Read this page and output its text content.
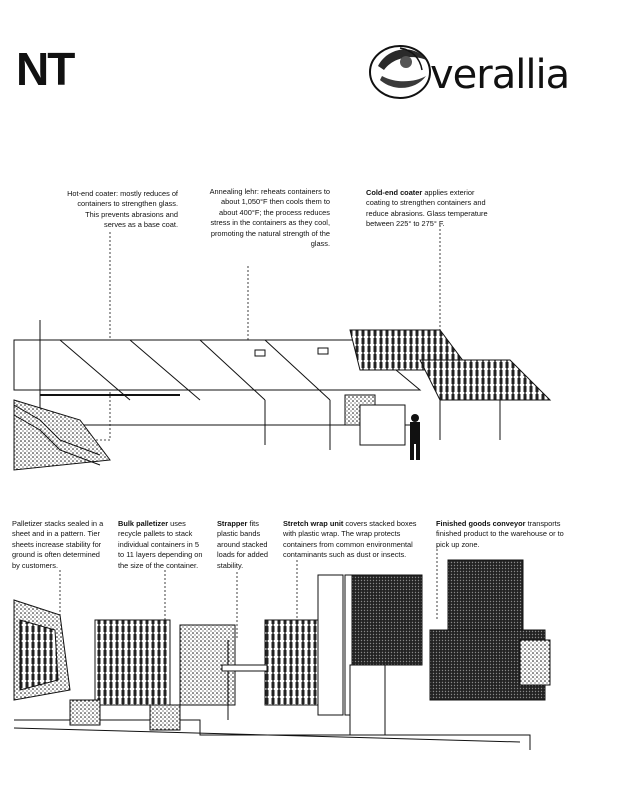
NT	verallia
Hot-end coater: mostly reduces of containers to strengthen glass. This prevents abrasions and serves as a base coat.
Annealing lehr: reheats containers to about 1,050°F then cools them to about 400°F; the process reduces stress in the containers as they cool, promoting the natural strength of the glass.
Cold-end coater applies exterior coating to strengthen containers and reduce abrasions. Glass temperature between 225° to 275° F.
Palletizer stacks sealed in a sheet and in a pattern. Tier sheets increase stability for ground is often determined by customers.
Bulk palletizer uses recycle pallets to stack individual containers in 5 to 11 layers depending on the size of the container.
Strapper fits plastic bands around stacked loads for added stability.
Stretch wrap unit covers stacked boxes with plastic wrap. The wrap protects containers from common environmental contaminants such as dust or insects.
Finished goods conveyor transports finished product to the warehouse or to pick up zone.
